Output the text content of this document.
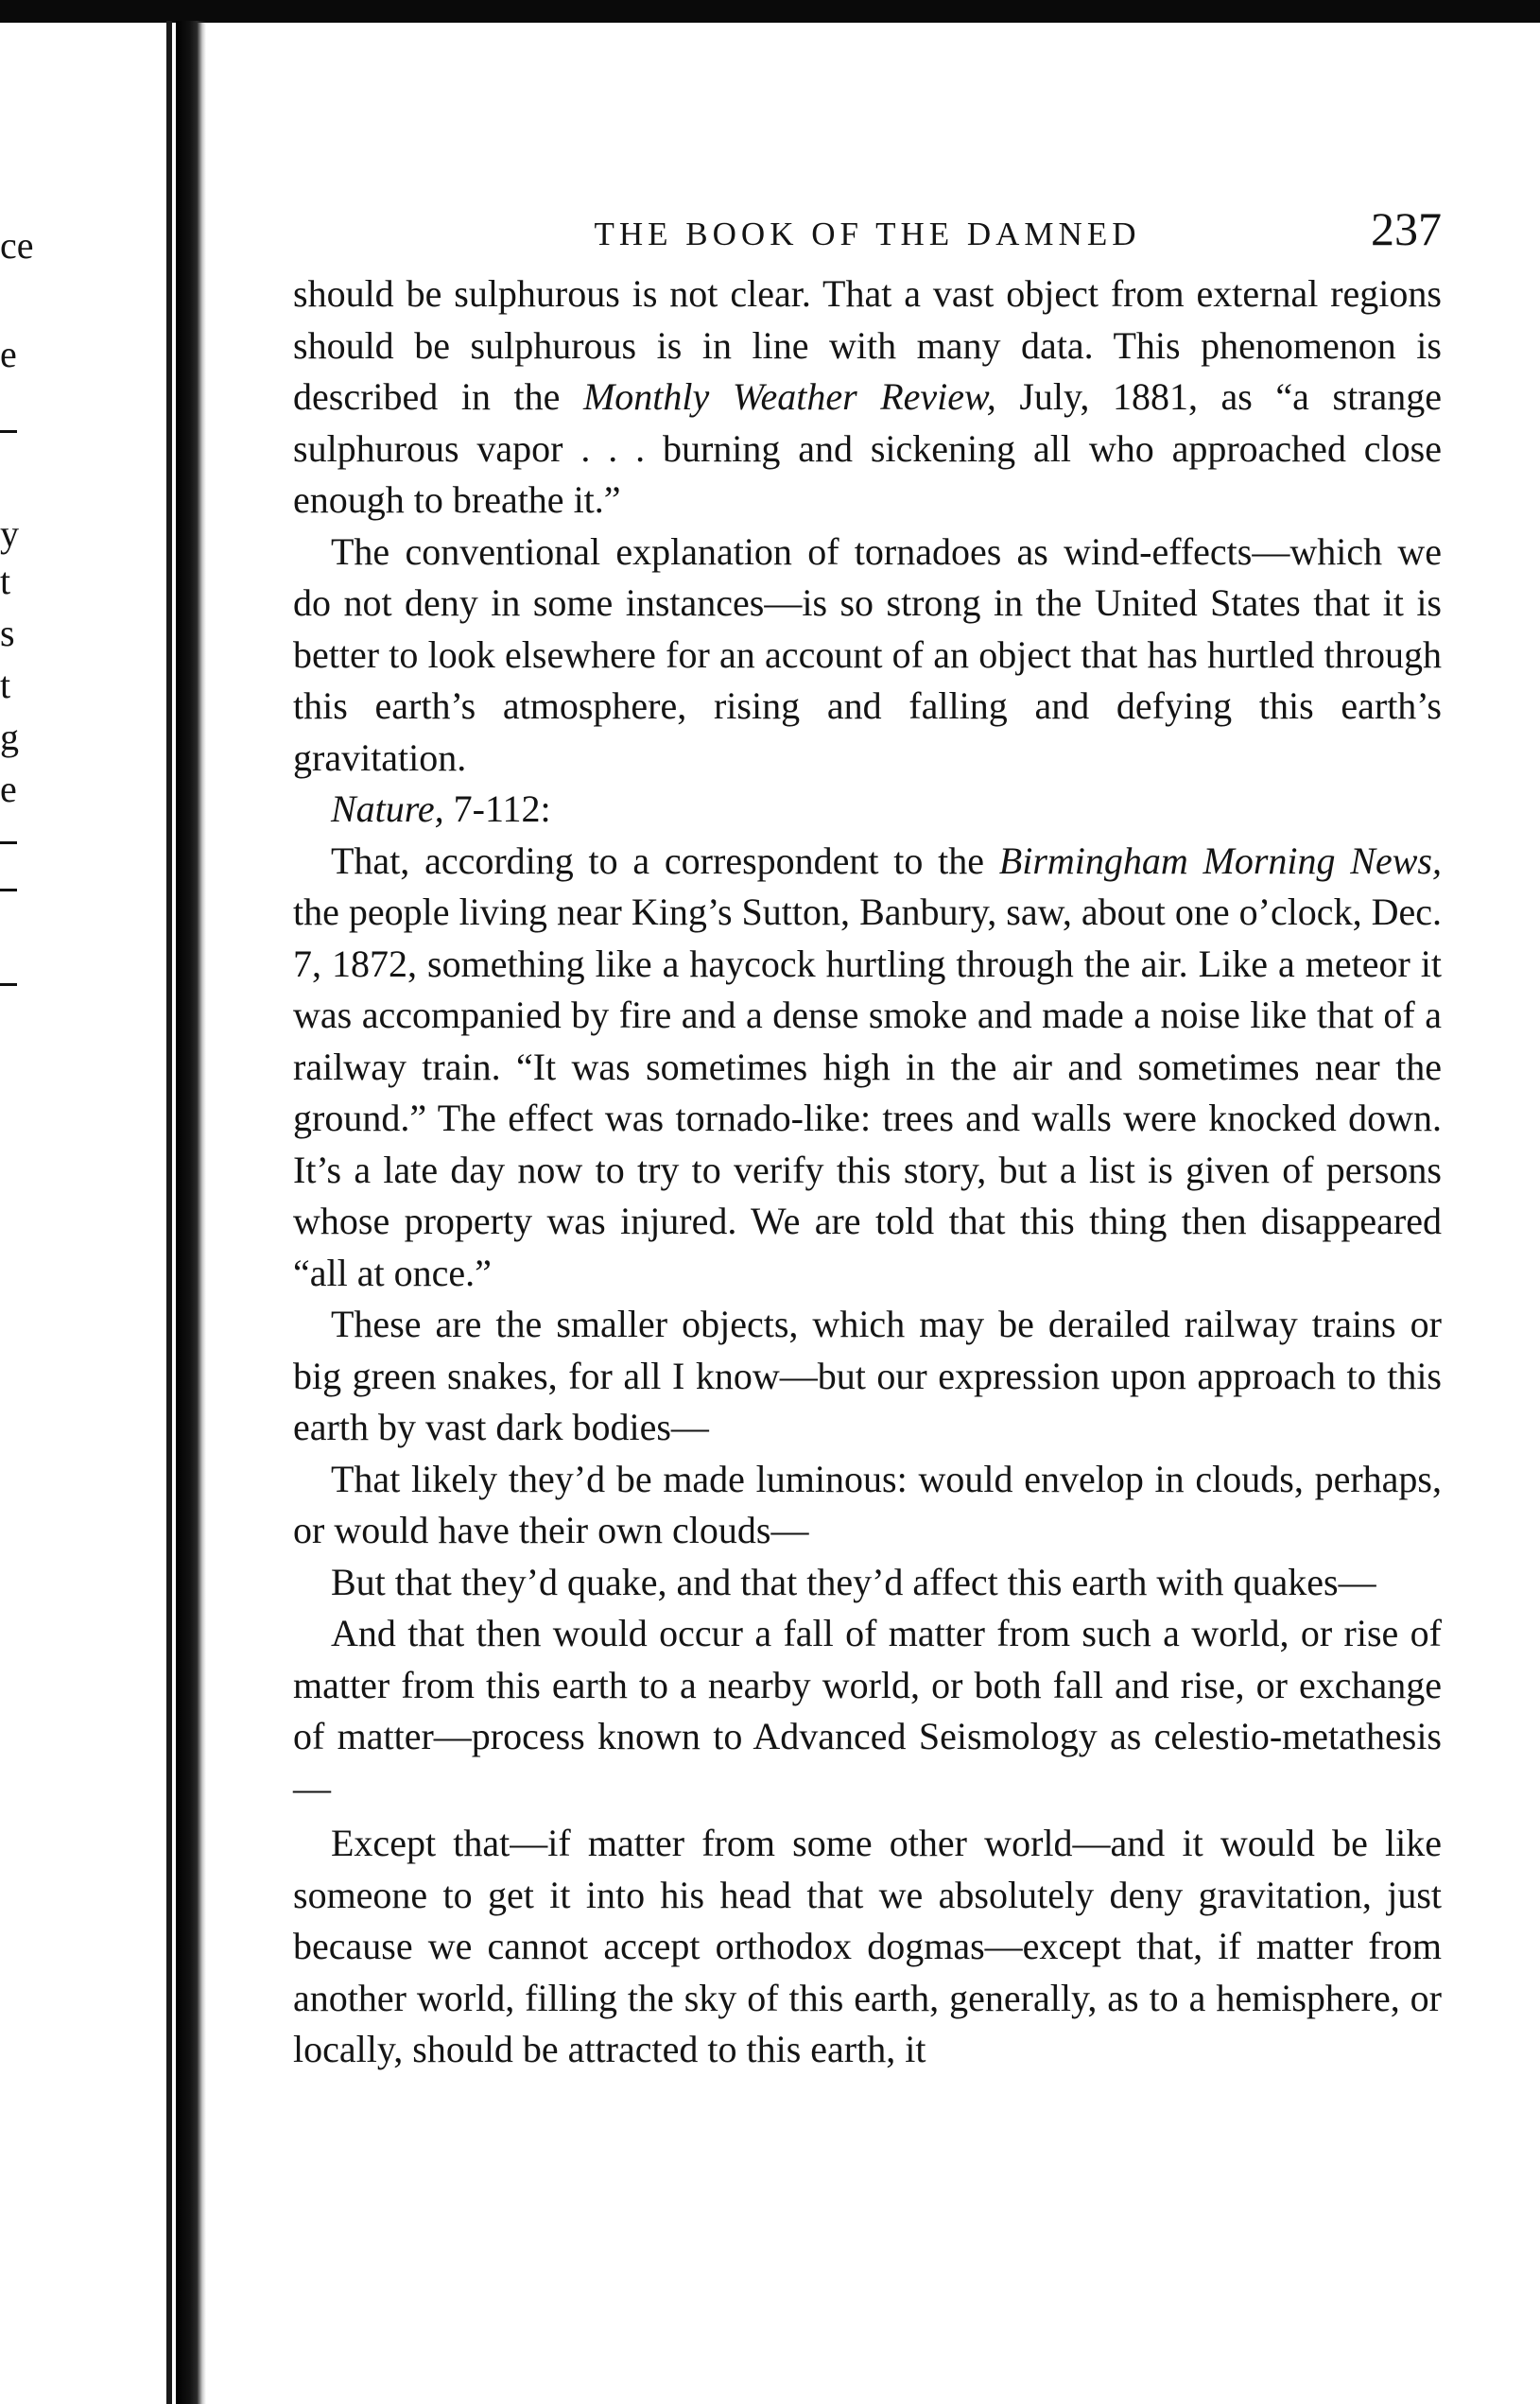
ce
e
y
t
s
t
g
e
THE BOOK OF THE DAMNED	237

should be sulphurous is not clear. That a vast object from external regions should be sulphurous is in line with many data. This phenomenon is described in the Monthly Weather Review, July, 1881, as “a strange sulphurous vapor . . . burning and sickening all who approached close enough to breathe it.”

The conventional explanation of tornadoes as wind-effects—which we do not deny in some instances—is so strong in the United States that it is better to look elsewhere for an account of an object that has hurtled through this earth’s atmosphere, rising and falling and defying this earth’s gravitation.

Nature, 7-112:

That, according to a correspondent to the Birmingham Morning News, the people living near King’s Sutton, Banbury, saw, about one o’clock, Dec. 7, 1872, something like a haycock hurtling through the air. Like a meteor it was accompanied by fire and a dense smoke and made a noise like that of a railway train. “It was sometimes high in the air and sometimes near the ground.” The effect was tornado-like: trees and walls were knocked down. It’s a late day now to try to verify this story, but a list is given of persons whose property was injured. We are told that this thing then disappeared “all at once.”

These are the smaller objects, which may be derailed railway trains or big green snakes, for all I know—but our expression upon approach to this earth by vast dark bodies—

That likely they’d be made luminous: would envelop in clouds, perhaps, or would have their own clouds—

But that they’d quake, and that they’d affect this earth with quakes—

And that then would occur a fall of matter from such a world, or rise of matter from this earth to a nearby world, or both fall and rise, or exchange of matter—process known to Advanced Seismology as celestio-metathesis—

Except that—if matter from some other world—and it would be like someone to get it into his head that we absolutely deny gravitation, just because we cannot accept orthodox dogmas—except that, if matter from another world, filling the sky of this earth, generally, as to a hemisphere, or locally, should be attracted to this earth, it
